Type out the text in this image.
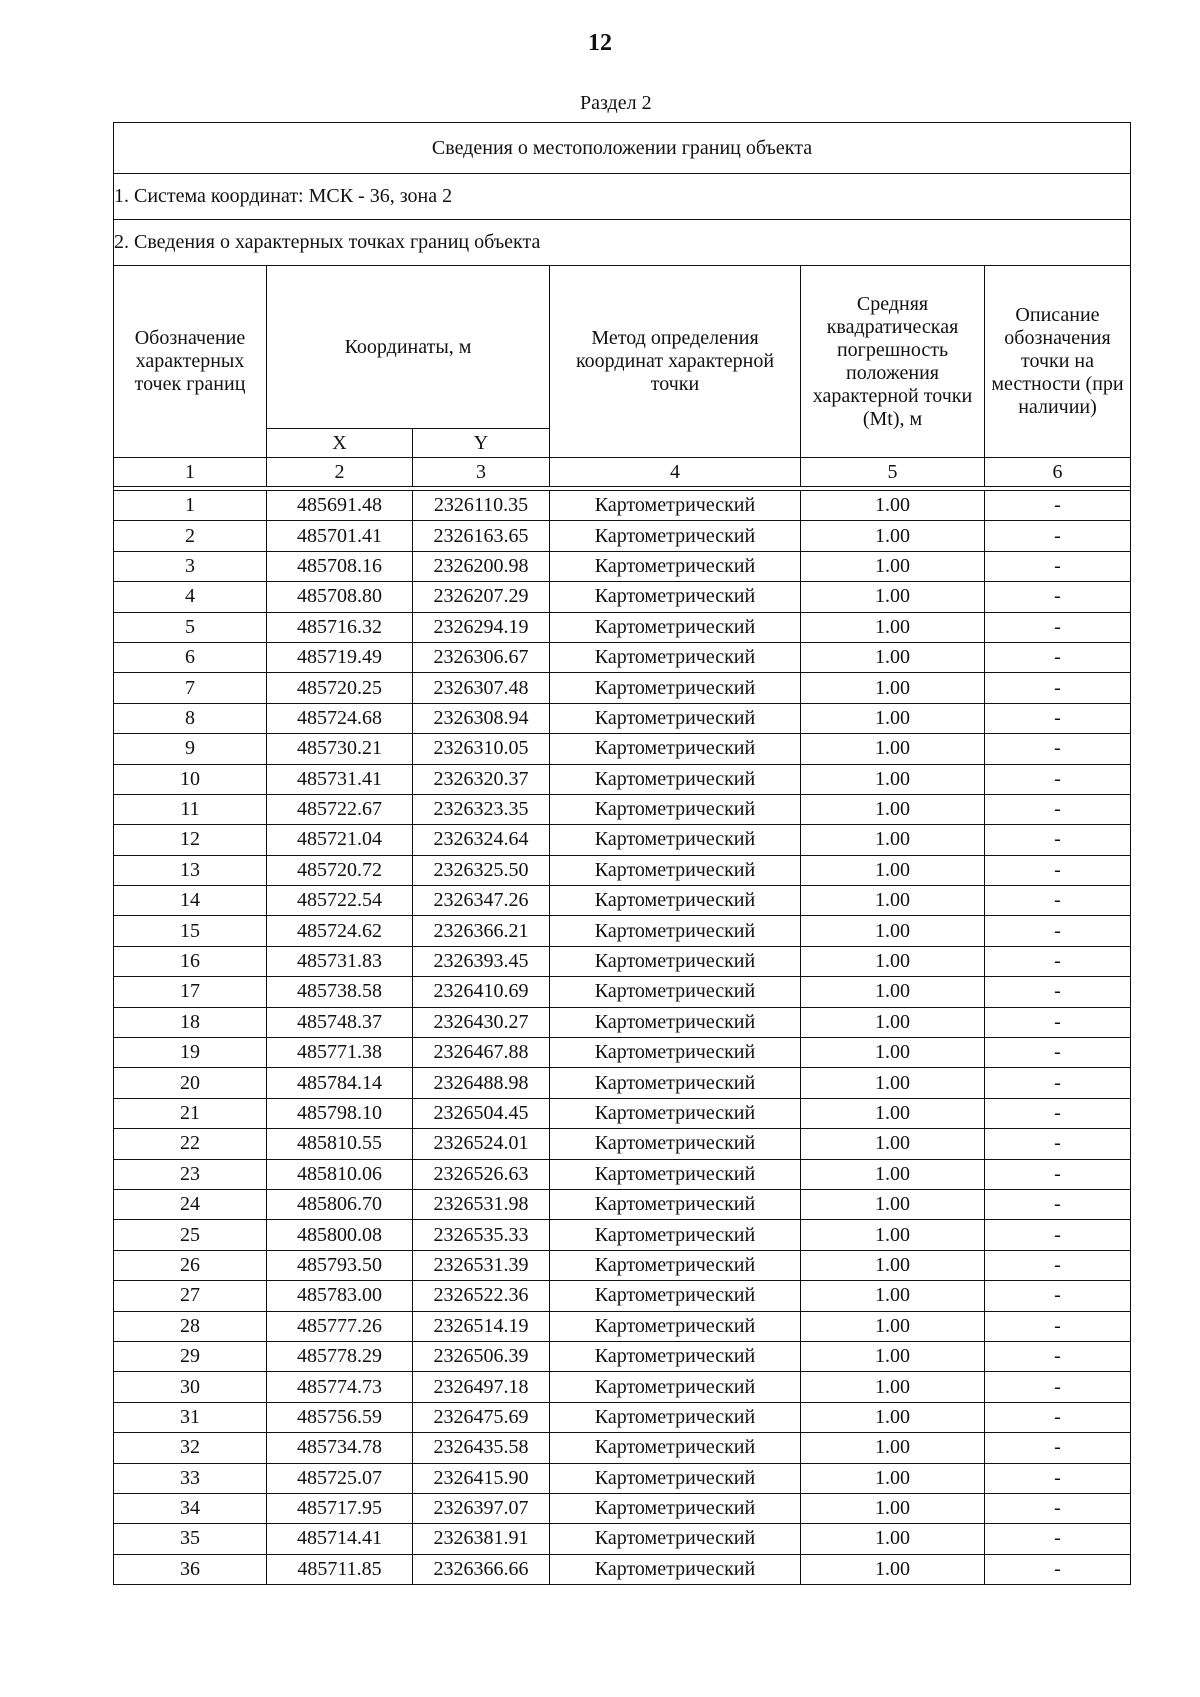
12
Раздел 2
Сведения о местоположении границ объекта					
1. Система координат: МСК - 36, зона 2					
2. Сведения о характерных точках границ объекта					
Обозначение характерных точек границ	Координаты, м		Метод определения координат характерной точки	Средняя квадратическая погрешность положения характерной точки (Mt), м	Описание обозначения точки на местности (при наличии)
	X	Y			
1	2	3	4	5	6

1	485691.48	2326110.35	Картометрический	1.00	-
2	485701.41	2326163.65	Картометрический	1.00	-
3	485708.16	2326200.98	Картометрический	1.00	-
4	485708.80	2326207.29	Картометрический	1.00	-
5	485716.32	2326294.19	Картометрический	1.00	-
6	485719.49	2326306.67	Картометрический	1.00	-
7	485720.25	2326307.48	Картометрический	1.00	-
8	485724.68	2326308.94	Картометрический	1.00	-
9	485730.21	2326310.05	Картометрический	1.00	-
10	485731.41	2326320.37	Картометрический	1.00	-
11	485722.67	2326323.35	Картометрический	1.00	-
12	485721.04	2326324.64	Картометрический	1.00	-
13	485720.72	2326325.50	Картометрический	1.00	-
14	485722.54	2326347.26	Картометрический	1.00	-
15	485724.62	2326366.21	Картометрический	1.00	-
16	485731.83	2326393.45	Картометрический	1.00	-
17	485738.58	2326410.69	Картометрический	1.00	-
18	485748.37	2326430.27	Картометрический	1.00	-
19	485771.38	2326467.88	Картометрический	1.00	-
20	485784.14	2326488.98	Картометрический	1.00	-
21	485798.10	2326504.45	Картометрический	1.00	-
22	485810.55	2326524.01	Картометрический	1.00	-
23	485810.06	2326526.63	Картометрический	1.00	-
24	485806.70	2326531.98	Картометрический	1.00	-
25	485800.08	2326535.33	Картометрический	1.00	-
26	485793.50	2326531.39	Картометрический	1.00	-
27	485783.00	2326522.36	Картометрический	1.00	-
28	485777.26	2326514.19	Картометрический	1.00	-
29	485778.29	2326506.39	Картометрический	1.00	-
30	485774.73	2326497.18	Картометрический	1.00	-
31	485756.59	2326475.69	Картометрический	1.00	-
32	485734.78	2326435.58	Картометрический	1.00	-
33	485725.07	2326415.90	Картометрический	1.00	-
34	485717.95	2326397.07	Картометрический	1.00	-
35	485714.41	2326381.91	Картометрический	1.00	-
36	485711.85	2326366.66	Картометрический	1.00	-
